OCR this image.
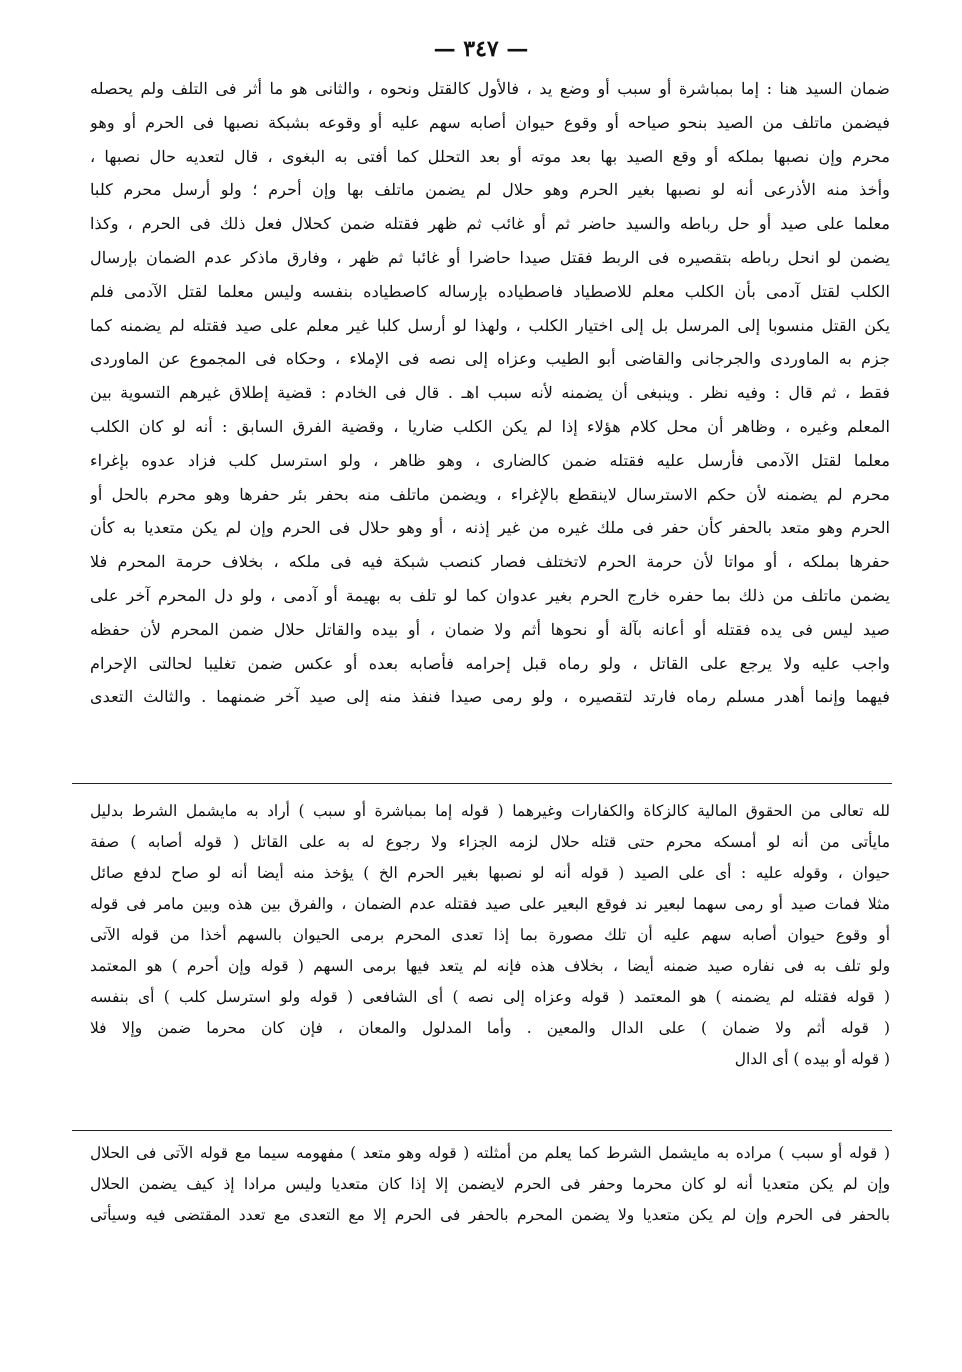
— ٣٤٧ —
ضمان السيد هنا : إما بمباشرة أو سبب أو وضع يد ، فالأول كالقتل ونحوه ، والثانى هو ما أثر فى التلف ولم يحصله
فيضمن ماتلف من الصيد بنحو صياحه أو وقوع حيوان أصابه سهم عليه أو وقوعه بشبكة نصبها فى الحرم أو وهو
محرم وإن نصبها بملكه أو وقع الصيد بها بعد موته أو بعد التحلل كما أفتى به البغوى ، قال لتعديه حال نصبها ،
وأخذ منه الأذرعى أنه لو نصبها بغير الحرم وهو حلال لم يضمن ماتلف بها وإن أحرم ؛ ولو أرسل محرم كلبا
معلما على صيد أو حل رباطه والسيد حاضر ثم أو غائب ثم ظهر فقتله ضمن كحلال فعل ذلك فى الحرم ، وكذا
يضمن لو انحل رباطه بتقصيره فى الربط فقتل صيدا حاضرا أو غائبا ثم ظهر ، وفارق ماذكر عدم الضمان بإرسال
الكلب لقتل آدمى بأن الكلب معلم للاصطياد فاصطياده بإرساله كاصطياده بنفسه وليس معلما لقتل الآدمى فلم
يكن القتل منسوبا إلى المرسل بل إلى اختيار الكلب ، ولهذا لو أرسل كلبا غير معلم على صيد فقتله لم يضمنه كما
جزم به الماوردى والجرجانى والقاضى أبو الطيب وعزاه إلى نصه فى الإملاء ، وحكاه فى المجموع عن الماوردى
فقط ، ثم قال : وفيه نظر . وينبغى أن يضمنه لأنه سبب اهـ . قال فى الخادم : قضية إطلاق غيرهم التسوية بين
المعلم وغيره ، وظاهر أن محل كلام هؤلاء إذا لم يكن الكلب ضاريا ، وقضية الفرق السابق : أنه لو كان الكلب
معلما لقتل الآدمى فأرسل عليه فقتله ضمن كالضارى ، وهو ظاهر ، ولو استرسل كلب فزاد عدوه بإغراء
محرم لم يضمنه لأن حكم الاسترسال لاينقطع بالإغراء ، ويضمن ماتلف منه بحفر بئر حفرها وهو محرم بالحل أو
الحرم وهو متعد بالحفر كأن حفر فى ملك غيره من غير إذنه ، أو وهو حلال فى الحرم وإن لم يكن متعديا به كأن
حفرها بملكه ، أو مواتا لأن حرمة الحرم لاتختلف فصار كنصب شبكة فيه فى ملكه ، بخلاف حرمة المحرم فلا
يضمن ماتلف من ذلك بما حفره خارج الحرم بغير عدوان كما لو تلف به بهيمة أو آدمى ، ولو دل المحرم آخر على
صيد ليس فى يده فقتله أو أعانه بآلة أو نحوها أثم ولا ضمان ، أو بيده والقاتل حلال ضمن المحرم لأن حفظه
واجب عليه ولا يرجع على القاتل ، ولو رماه قبل إحرامه فأصابه بعده أو عكس ضمن تغليبا لحالتى الإحرام
فيهما وإنما أهدر مسلم رماه فارتد لتقصيره ، ولو رمى صيدا فنفذ منه إلى صيد آخر ضمنهما . والثالث التعدى
لله تعالى من الحقوق المالية كالزكاة والكفارات وغيرهما ( قوله إما بمباشرة أو سبب ) أراد به مايشمل الشرط بدليل
مايأتى من أنه لو أمسكه محرم حتى قتله حلال لزمه الجزاء ولا رجوع له به على القاتل ( قوله أصابه ) صفة
حيوان ، وقوله عليه : أى على الصيد ( قوله أنه لو نصبها بغير الحرم الخ ) يؤخذ منه أيضا أنه لو صاح لدفع صائل
مثلا فمات صيد أو رمى سهما لبعير ند فوقع البعير على صيد فقتله عدم الضمان ، والفرق بين هذه وبين مامر فى قوله
أو وقوع حيوان أصابه سهم عليه أن تلك مصورة بما إذا تعدى المحرم برمى الحيوان بالسهم أخذا من قوله الآتى
ولو تلف به فى نفاره صيد ضمنه أيضا ، بخلاف هذه فإنه لم يتعد فيها برمى السهم ( قوله وإن أحرم ) هو المعتمد
( قوله فقتله لم يضمنه ) هو المعتمد ( قوله وعزاه إلى نصه ) أى الشافعى ( قوله ولو استرسل كلب ) أى بنفسه
( قوله أثم ولا ضمان ) على الدال والمعين . وأما المدلول والمعان ، فإن كان محرما ضمن وإلا فلا
( قوله أو بيده ) أى الدال
( قوله أو سبب ) مراده به مايشمل الشرط كما يعلم من أمثلته ( قوله وهو متعد ) مفهومه سيما مع قوله الآتى فى الحلال
وإن لم يكن متعديا أنه لو كان محرما وحفر فى الحرم لايضمن إلا إذا كان متعديا وليس مرادا إذ كيف يضمن الحلال
بالحفر فى الحرم وإن لم يكن متعديا ولا يضمن المحرم بالحفر فى الحرم إلا مع التعدى مع تعدد المقتضى فيه وسيأتى
